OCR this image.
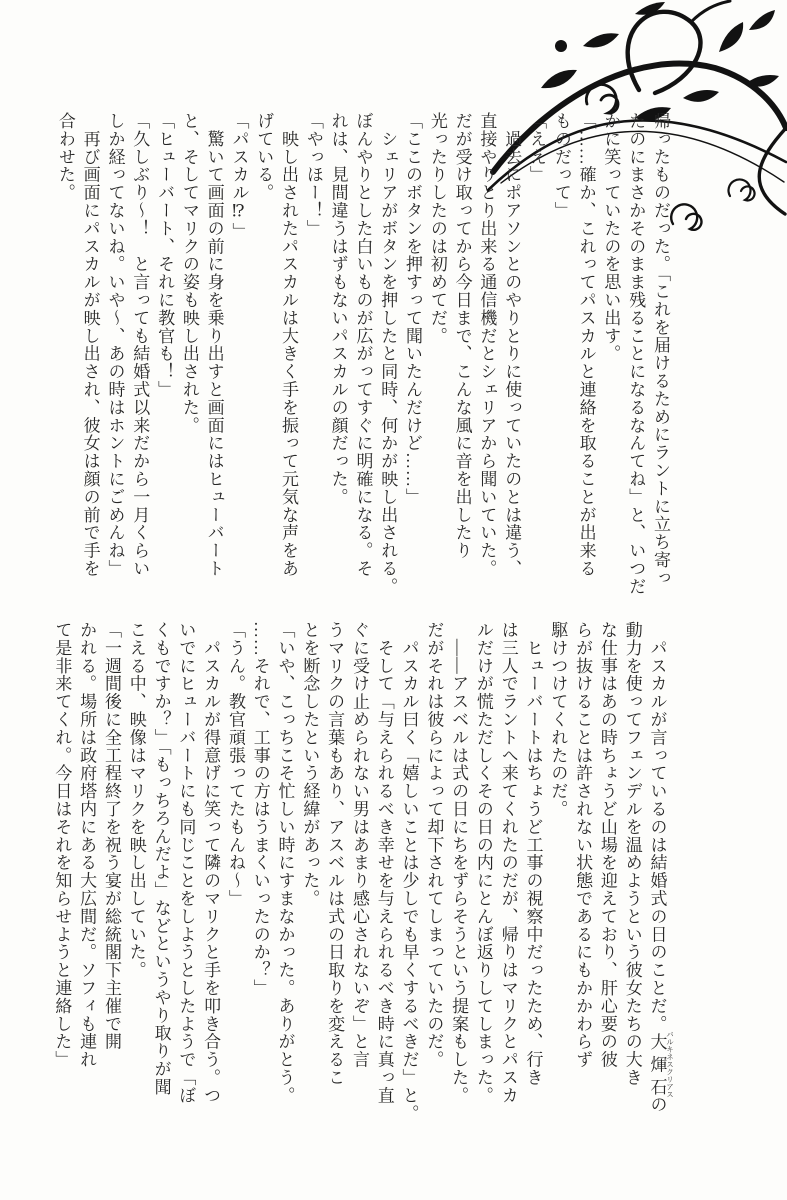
帰ったものだった。「これを届けるためにラントに立ち寄っ
たのにまさかそのまま残ることになるなんてね」と、いつだ
かに笑っていたのを思い出す。
「……確か、これってパスカルと連絡を取ることが出来る
ものだって」
「ええ」
　過去にポアソンとのやりとりに使っていたのとは違う、
直接やりとり出来る通信機だとシェリアから聞いていた。
だが受け取ってから今日まで、こんな風に音を出したり
光ったりしたのは初めてだ。
「ここのボタンを押すって聞いたんだけど……」
　シェリアがボタンを押したと同時、何かが映し出される。
ぼんやりとした白いものが広がってすぐに明確になる。そ
れは、見間違うはずもないパスカルの顔だった。
「やっほー！」
　映し出されたパスカルは大きく手を振って元気な声をあ
げている。
「パスカル⁉」
　驚いて画面の前に身を乗り出すと画面にはヒューバート
と、そしてマリクの姿も映し出された。
「ヒューバート、それに教官も！」
「久しぶり〜！　と言っても結婚式以来だから一月くらい
しか経ってないね。いや〜、あの時はホントにごめんね」
　再び画面にパスカルが映し出され、彼女は顔の前で手を
合わせた。
　パスカルが言っているのは結婚式の日のことだ。大煇石 バルキネスクリアスの
動力を使ってフェンデルを温めようという彼女たちの大き
な仕事はあの時ちょうど山場を迎えており、肝心要の彼
らが抜けることは許されない状態であるにもかかわらず
駆けつけてくれたのだ。
　ヒューバートはちょうど工事の視察中だったため、行き
は三人でラントへ来てくれたのだが、帰りはマリクとパスカ
ルだけが慌ただしくその日の内にとんぼ返りしてしまった。
　――アスベルは式の日にちをずらそうという提案もした。
だがそれは彼らによって却下されてしまっていたのだ。
　パスカル曰く「嬉しいことは少しでも早くするべきだ」と。
　そして「与えられるべき幸せを与えられるべき時に真っ直
ぐに受け止められない男はあまり感心されないぞ」と言
うマリクの言葉もあり、アスベルは式の日取りを変えるこ
とを断念したという経緯があった。
「いや、こっちこそ忙しい時にすまなかった。ありがとう。
……それで、工事の方はうまくいったのか？」
「うん。教官頑張ってたもんね〜」
　パスカルが得意げに笑って隣のマリクと手を叩き合う。つ
いでにヒューバートにも同じことをしようとしたようで「ぼ
くもですか？」「もっちろんだよ」などというやり取りが聞
こえる中、映像はマリクを映し出していた。
「一週間後に全工程終了を祝う宴が総統閣下主催で開
かれる。場所は政府塔内にある大広間だ。ソフィも連れ
て是非来てくれ。今日はそれを知らせようと連絡した」
